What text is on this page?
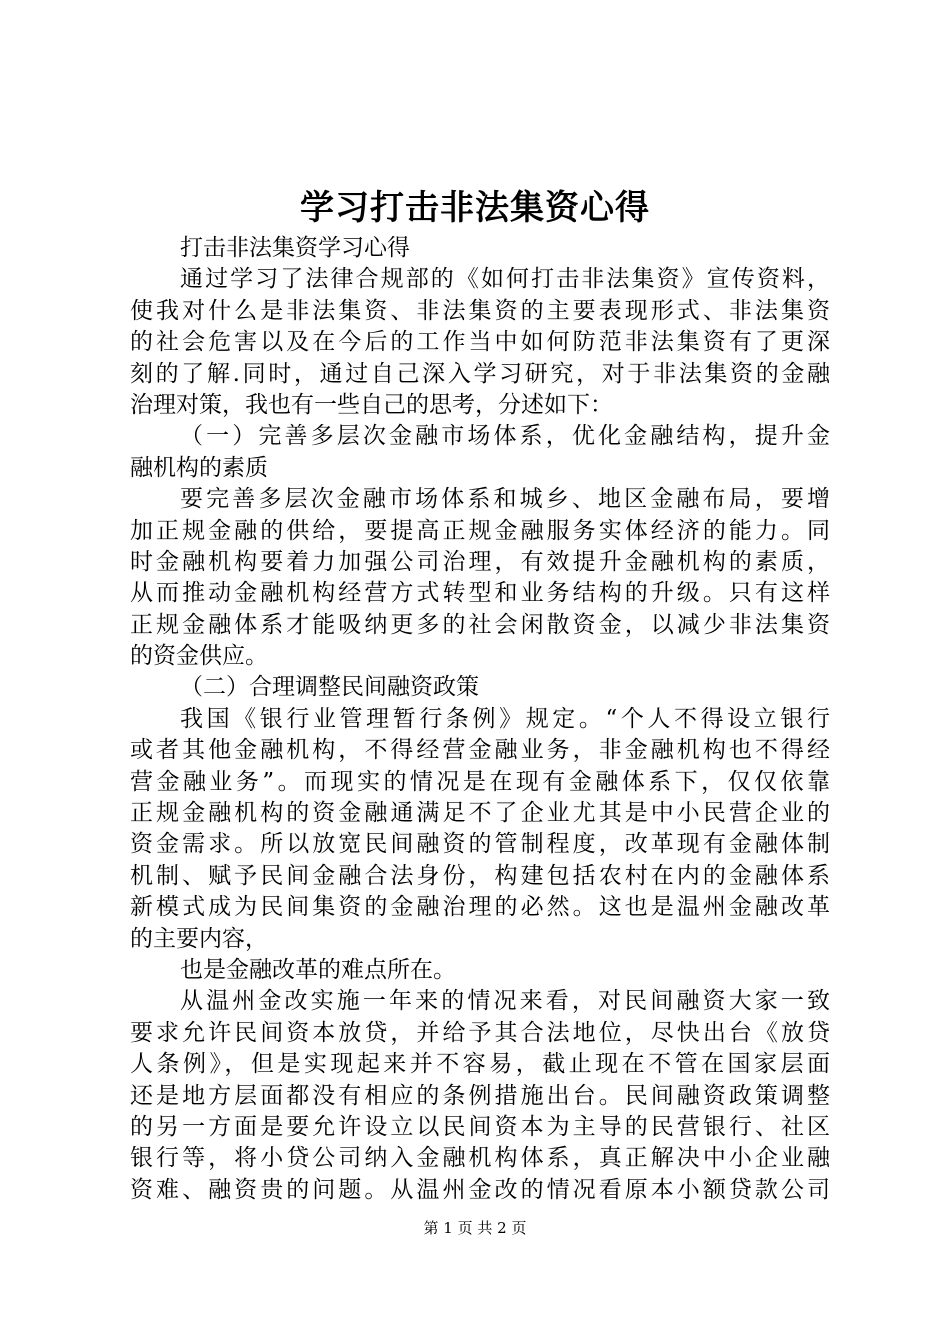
学习打击非法集资心得
打击非法集资学习心得
通过学习了法律合规部的《如何打击非法集资》宣传资料，
使我对什么是非法集资、非法集资的主要表现形式、非法集资
的社会危害以及在今后的工作当中如何防范非法集资有了更深
刻的了解.同时，通过自己深入学习研究，对于非法集资的金融
治理对策，我也有一些自己的思考，分述如下：
（一）完善多层次金融市场体系，优化金融结构，提升金
融机构的素质
要完善多层次金融市场体系和城乡、地区金融布局，要增
加正规金融的供给，要提高正规金融服务实体经济的能力。同
时金融机构要着力加强公司治理，有效提升金融机构的素质，
从而推动金融机构经营方式转型和业务结构的升级。只有这样
正规金融体系才能吸纳更多的社会闲散资金，以减少非法集资
的资金供应。
（二）合理调整民间融资政策
我国《银行业管理暂行条例》规定。“个人不得设立银行
或者其他金融机构，不得经营金融业务，非金融机构也不得经
营金融业务”。而现实的情况是在现有金融体系下，仅仅依靠
正规金融机构的资金融通满足不了企业尤其是中小民营企业的
资金需求。所以放宽民间融资的管制程度，改革现有金融体制
机制、赋予民间金融合法身份，构建包括农村在内的金融体系
新模式成为民间集资的金融治理的必然。这也是温州金融改革
的主要内容，
也是金融改革的难点所在。
从温州金改实施一年来的情况来看，对民间融资大家一致
要求允许民间资本放贷，并给予其合法地位，尽快出台《放贷
人条例》，但是实现起来并不容易，截止现在不管在国家层面
还是地方层面都没有相应的条例措施出台。民间融资政策调整
的另一方面是要允许设立以民间资本为主导的民营银行、社区
银行等，将小贷公司纳入金融机构体系，真正解决中小企业融
资难、融资贵的问题。从温州金改的情况看原本小额贷款公司
第 1 页 共 2 页
